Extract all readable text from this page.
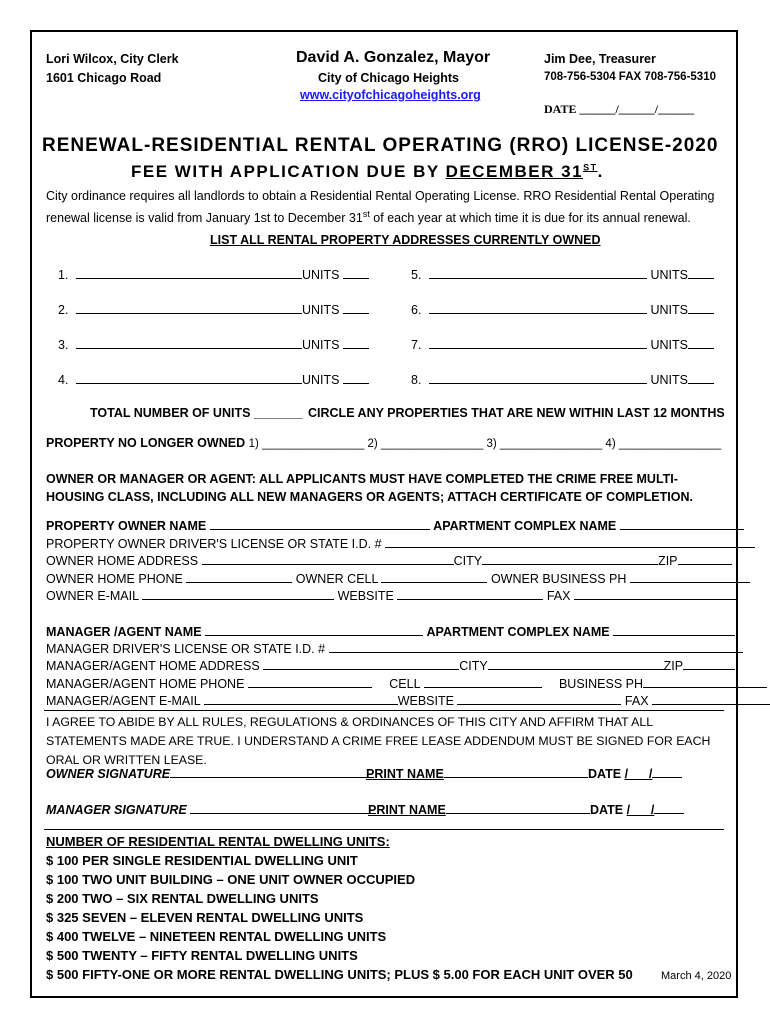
Lori Wilcox, City Clerk
1601 Chicago Road
David A. Gonzalez, Mayor
City of Chicago Heights
www.cityofchicagoheights.org
Jim Dee, Treasurer
708-756-5304 FAX 708-756-5310
DATE ______/______/______
RENEWAL-RESIDENTIAL RENTAL OPERATING (RRO) LICENSE-2020
FEE WITH APPLICATION DUE BY DECEMBER 31ST.
City ordinance requires all landlords to obtain a Residential Rental Operating License. RRO Residential Rental Operating renewal license is valid from January 1st to December 31st of each year at which time it is due for its annual renewal.
LIST ALL RENTAL PROPERTY ADDRESSES CURRENTLY OWNED
1.	UNITS	5.	UNITS
2.	UNITS	6.	UNITS
3.	UNITS	7.	UNITS
4.	UNITS	8.	UNITS
TOTAL NUMBER OF UNITS _______ CIRCLE ANY PROPERTIES THAT ARE NEW WITHIN LAST 12 MONTHS
PROPERTY NO LONGER OWNED 1) ________________ 2) ________________ 3) ________________ 4) ________________
OWNER OR MANAGER OR AGENT: ALL APPLICANTS MUST HAVE COMPLETED THE CRIME FREE MULTI-HOUSING CLASS, INCLUDING ALL NEW MANAGERS OR AGENTS; ATTACH CERTIFICATE OF COMPLETION.
PROPERTY OWNER NAME	APARTMENT COMPLEX NAME
PROPERTY OWNER DRIVER'S LICENSE OR STATE I.D. #
OWNER HOME ADDRESS	CITY	ZIP
OWNER HOME PHONE	OWNER CELL	OWNER BUSINESS PH
OWNER E-MAIL	WEBSITE	FAX
MANAGER /AGENT NAME	APARTMENT COMPLEX NAME
MANAGER DRIVER'S LICENSE OR STATE I.D. #
MANAGER/AGENT HOME ADDRESS	CITY	ZIP
MANAGER/AGENT HOME PHONE	CELL	BUSINESS PH
MANAGER/AGENT E-MAIL	WEBSITE	FAX
I AGREE TO ABIDE BY ALL RULES, REGULATIONS & ORDINANCES OF THIS CITY AND AFFIRM THAT ALL STATEMENTS MADE ARE TRUE. I UNDERSTAND A CRIME FREE LEASE ADDENDUM MUST BE SIGNED FOR EACH ORAL OR WRITTEN LEASE.
OWNER SIGNATURE	PRINT NAME	DATE /      /
MANAGER SIGNATURE	PRINT NAME	DATE /      /
NUMBER OF RESIDENTIAL RENTAL DWELLING UNITS:
$ 100 PER SINGLE RESIDENTIAL DWELLING UNIT
$ 100 TWO UNIT BUILDING – ONE UNIT OWNER OCCUPIED
$ 200 TWO – SIX RENTAL DWELLING UNITS
$ 325 SEVEN – ELEVEN RENTAL DWELLING UNITS
$ 400 TWELVE – NINETEEN RENTAL DWELLING UNITS
$ 500 TWENTY – FIFTY RENTAL DWELLING UNITS
$ 500 FIFTY-ONE OR MORE RENTAL DWELLING UNITS; PLUS $ 5.00 FOR EACH UNIT OVER 50	March 4, 2020
